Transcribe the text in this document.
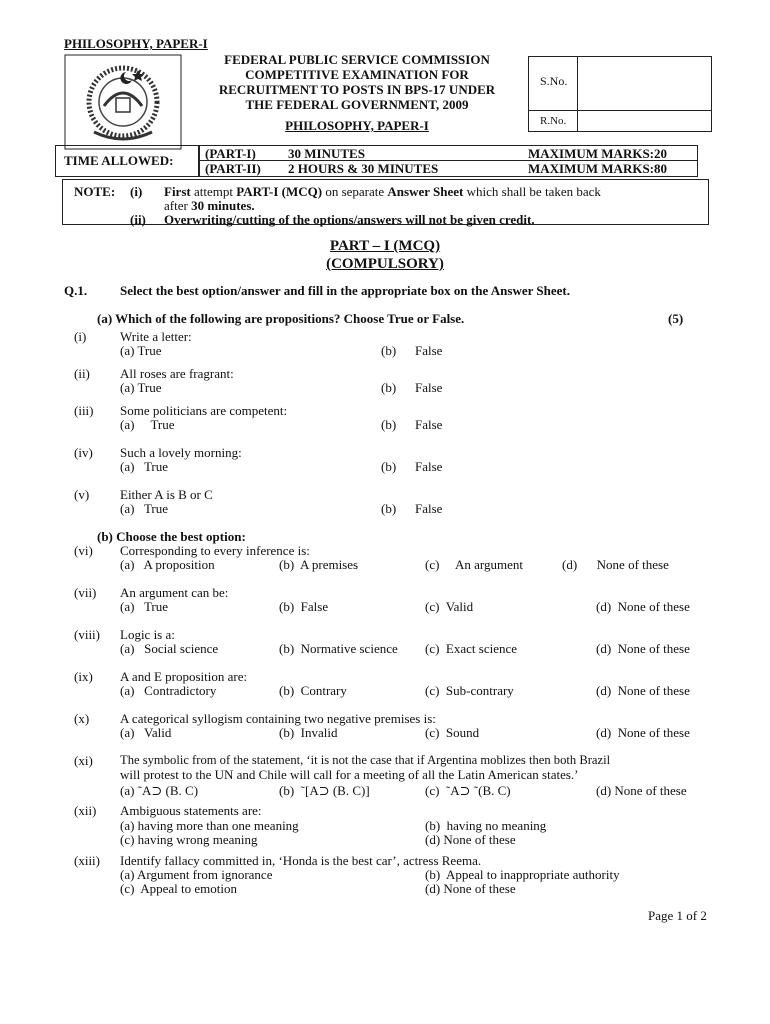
PHILOSOPHY, PAPER-I
FEDERAL PUBLIC SERVICE COMMISSION
COMPETITIVE EXAMINATION FOR
RECRUITMENT TO POSTS IN BPS-17 UNDER
THE FEDERAL GOVERNMENT, 2009
PHILOSOPHY, PAPER-I
S.No.
R.No.
TIME ALLOWED: (PART-I) 30 MINUTES	MAXIMUM MARKS:20
(PART-II) 2 HOURS & 30 MINUTES	MAXIMUM MARKS:80
NOTE: (i) First attempt PART-I (MCQ) on separate Answer Sheet which shall be taken back
after 30 minutes.
(ii) Overwriting/cutting of the options/answers will not be given credit.
PART – I (MCQ)
(COMPULSORY)
Q.1.	Select the best option/answer and fill in the appropriate box on the Answer Sheet.
(a) Which of the following are propositions? Choose True or False.	(5)
(i)	Write a letter:
(a) True	(b) False
(ii) All roses are fragrant:
(a) True	(b) False
(iii) Some politicians are competent:
(a)     True	(b) False
(iv) Such a lovely morning:
(a)   True	(b) False
(v) Either A is B or C
(a)   True	(b) False
(b) Choose the best option:
(vi) Corresponding to every inference is:
(a)   A proposition	(b)  A premises	(c)     An argument	(d)      None of these
(vii) An argument can be:
(a)   True	(b)  False	(c)  Valid	(d)  None of these
(viii) Logic is a:
(a)   Social science	(b)  Normative science (c)  Exact science	(d)  None of these
(ix) A and E proposition are:
(a)   Contradictory	(b)  Contrary	(c)  Sub-contrary	(d)  None of these
(x) A categorical syllogism containing two negative premises is:
(a)   Valid	(b)  Invalid	(c)  Sound	(d)  None of these
(xi) The symbolic from of the statement, ‘it is not the case that if Argentina moblizes then both Brazil
will protest to the UN and Chile will call for a meeting of all the Latin American states.’
(a) ˜A⊃ (B. C)	(b)  ˜[A⊃ (B. C)]	(c)  ˜A⊃ ˜(B. C)	(d) None of these
(xii) Ambiguous statements are:
(a) having more than one meaning	(b)  having no meaning
(c) having wrong meaning	(d) None of these
(xiii) Identify fallacy committed in, ‘Honda is the best car’, actress Reema.
(a) Argument from ignorance	(b)  Appeal to inappropriate authority
(c)  Appeal to emotion	(d) None of these
Page 1 of 2
